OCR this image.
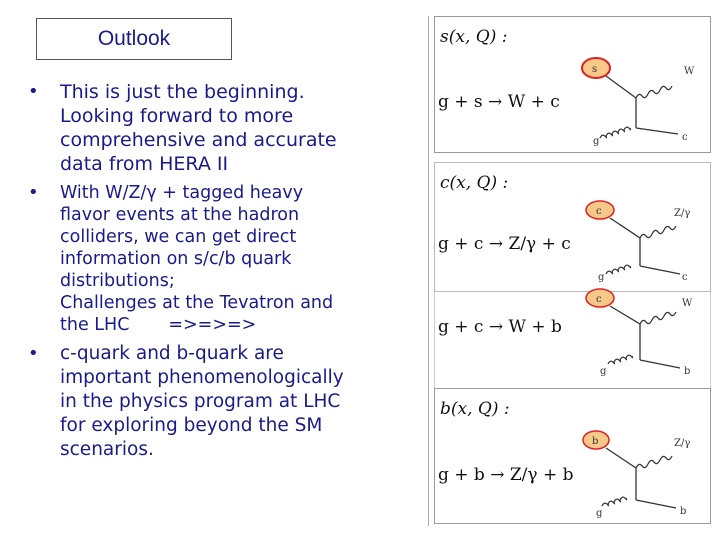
Outlook
• This is just the beginning.
Looking forward to more
comprehensive and accurate
data from HERA II
• With W/Z/γ + tagged heavy
flavor events at the hadron
colliders, we can get direct
information on s/c/b quark
distributions;
Challenges at the Tevatron and
the LHC       =>=>=>
• c-quark and b-quark are
important phenomenologically
in the physics program at LHC
for exploring beyond the SM
scenarios.
s(x, Q) :
g + s → W + c
s	W
c
g
c(x, Q) :
g + c → Z/γ + c
c	Z/γ
c
g
g + c → W + b
c	W
b
g
b(x, Q) :
g + b → Z/γ + b
b	Z/γ
b
g
